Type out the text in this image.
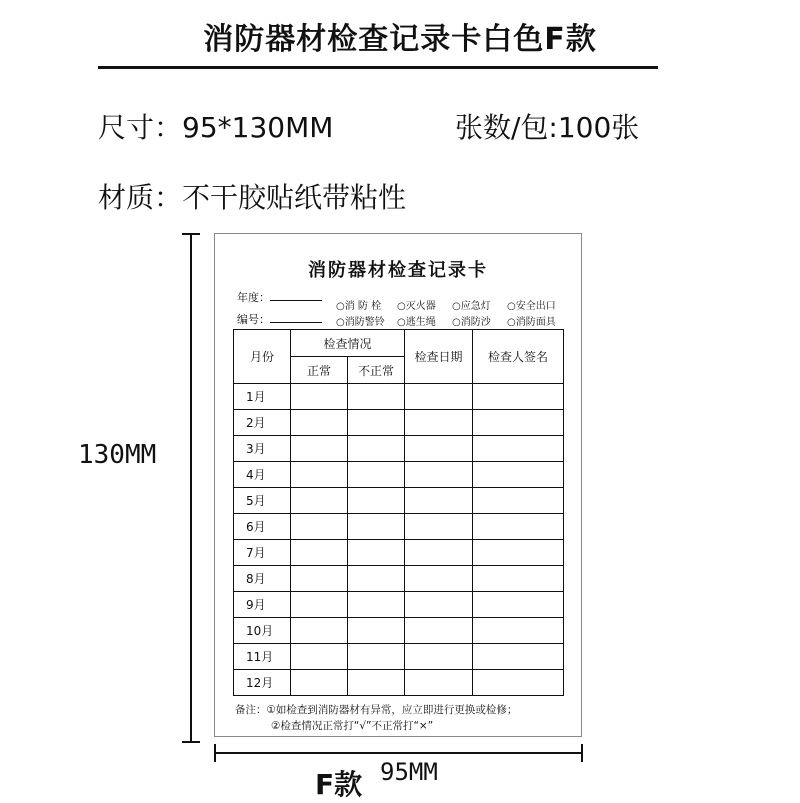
消防器材检查记录卡白色F款
尺寸：95*130MM	张数/包:100张
材质：不干胶贴纸带粘性
130MM
F款 95MM
消防器材检查记录卡
年度：
编号：
○消 防 栓 ○灭火器 ○应急灯 ○安全出口
○消防警铃 ○逃生绳 ○消防沙 ○消防面具
月份	检查情况		检查日期	检查人签名
	正常	不正常		
1月				
2月				
3月				
4月				
5月				
6月				
7月				
8月				
9月				
10月				
11月				
12月				
备注：①如检查到消防器材有异常，应立即进行更换或检修；
②检查情况正常打“√”不正常打“×”
